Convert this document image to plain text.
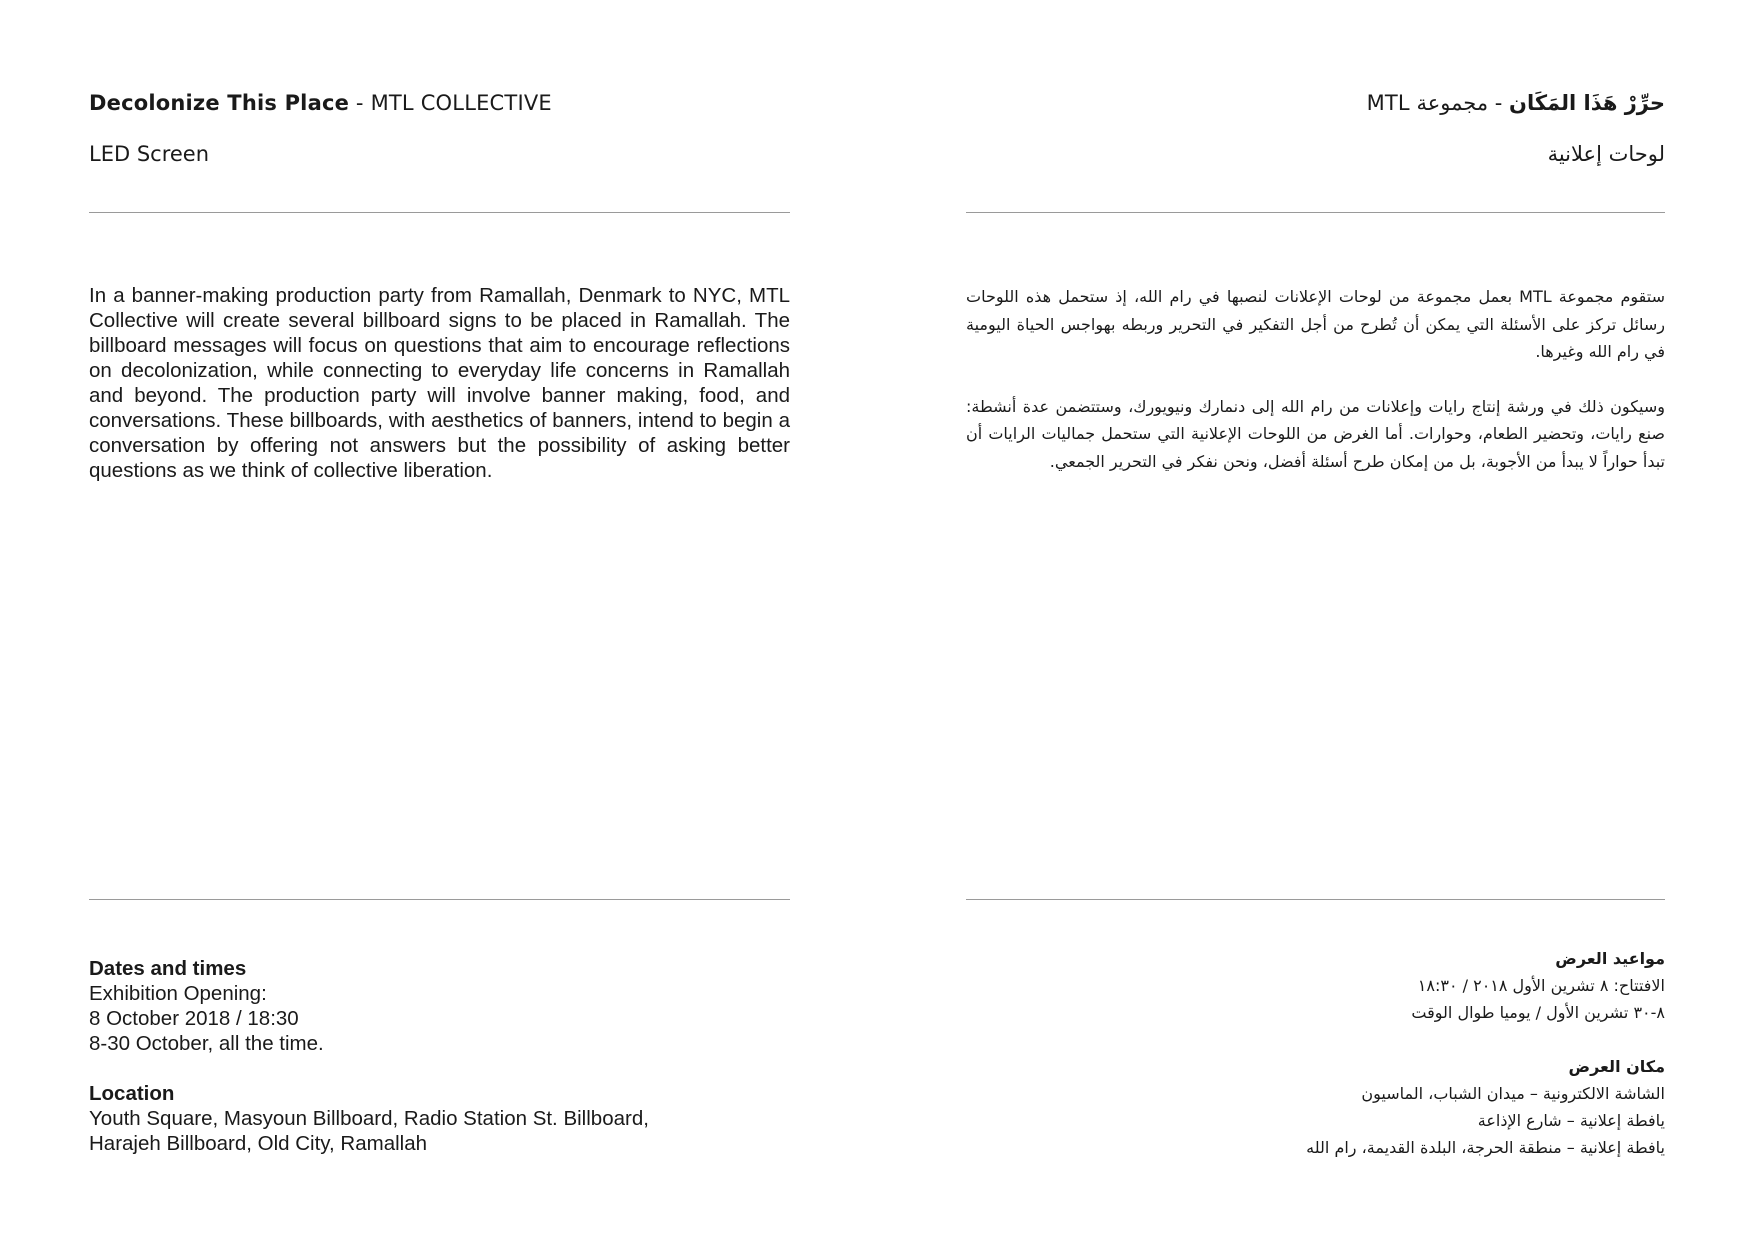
Decolonize This Place - MTL COLLECTIVE
LED Screen
In a banner-making production party from Ramallah, Denmark to NYC, MTL Collective will create several billboard signs to be placed in Ramallah. The billboard messages will focus on questions that aim to encourage reflections on decolonization, while connecting to everyday life concerns in Ramallah and beyond. The production party will involve banner making, food, and conversations. These billboards, with aesthetics of banners, intend to begin a conversation by offering not answers but the possibility of asking better questions as we think of collective liberation.
Dates and times
Exhibition Opening:
8 October 2018 / 18:30
8-30 October, all the time.
Location
Youth Square, Masyoun Billboard, Radio Station St. Billboard,
Harajeh Billboard, Old City, Ramallah
حرِّرْ هَذَا المَكَان - مجموعة MTL
لوحات إعلانية

ستقوم مجموعة MTL بعمل مجموعة من لوحات الإعلانات لنصبها في رام الله، إذ ستحمل هذه اللوحات رسائل تركز على الأسئلة التي يمكن أن تُطرح من أجل التفكير في التحرير وربطه بهواجس الحياة اليومية في رام الله وغيرها.

وسيكون ذلك في ورشة إنتاج رايات وإعلانات من رام الله إلى دنمارك ونيويورك، وستتضمن عدة أنشطة: صنع رايات، وتحضير الطعام، وحوارات. أما الغرض من اللوحات الإعلانية التي ستحمل جماليات الرايات أن تبدأ حواراً لا يبدأ من الأجوبة، بل من إمكان طرح أسئلة أفضل، ونحن نفكر في التحرير الجمعي.

مواعيد العرض
الافتتاح: ٨ تشرين الأول ٢٠١٨ / ١٨:٣٠
٨-٣٠ تشرين الأول / يوميا طوال الوقت
مكان العرض
الشاشة الالكترونية – ميدان الشباب، الماسيون
يافطة إعلانية – شارع الإذاعة
يافطة إعلانية – منطقة الحرجة، البلدة القديمة، رام الله
